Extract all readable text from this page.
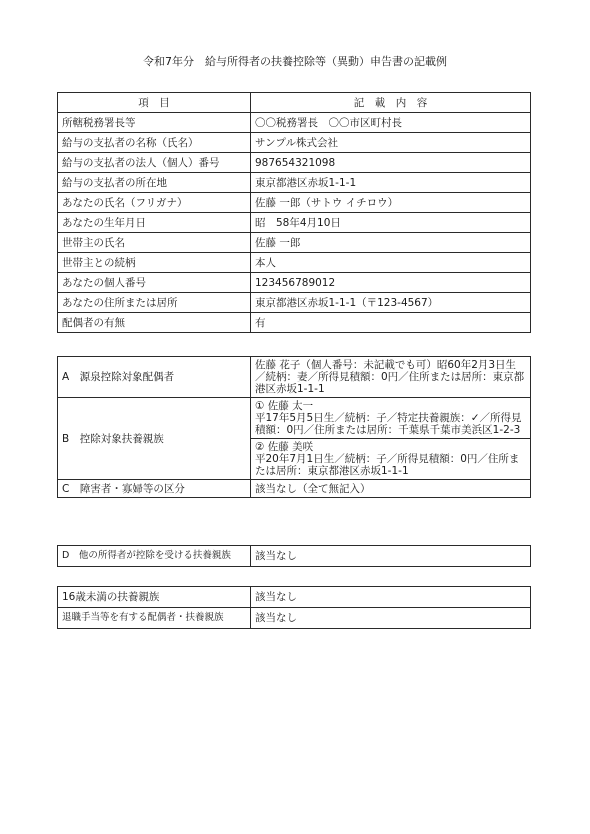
令和7年分　給与所得者の扶養控除等（異動）申告書の記載例
項　目	記　載　内　容
所轄税務署長等	〇〇税務署長　〇〇市区町村長
給与の支払者の名称（氏名）	サンプル株式会社
給与の支払者の法人（個人）番号	987654321098
給与の支払者の所在地	東京都港区赤坂1-1-1
あなたの氏名（フリガナ）	佐藤 一郎（サトウ イチロウ）
あなたの生年月日	昭　58年4月10日
世帯主の氏名	佐藤 一郎
世帯主との続柄	本人
あなたの個人番号	123456789012
あなたの住所または居所	東京都港区赤坂1-1-1（〒123-4567）
配偶者の有無	有
A　源泉控除対象配偶者	佐藤 花子（個人番号：未記載でも可）昭60年2月3日生／続柄：妻／所得見積額：0円／住所または居所：東京都港区赤坂1-1-1
B　控除対象扶養親族	① 佐藤 太一
平17年5月5日生／続柄：子／特定扶養親族：✓／所得見積額：0円／住所または居所：千葉県千葉市美浜区1-2-3

	② 佐藤 美咲
平20年7月1日生／続柄：子／所得見積額：0円／住所または居所：東京都港区赤坂1-1-1
C　障害者・寡婦等の区分	該当なし（全て無記入）
D　他の所得者が控除を受ける扶養親族	該当なし
16歳未満の扶養親族	該当なし
退職手当等を有する配偶者・扶養親族	該当なし
